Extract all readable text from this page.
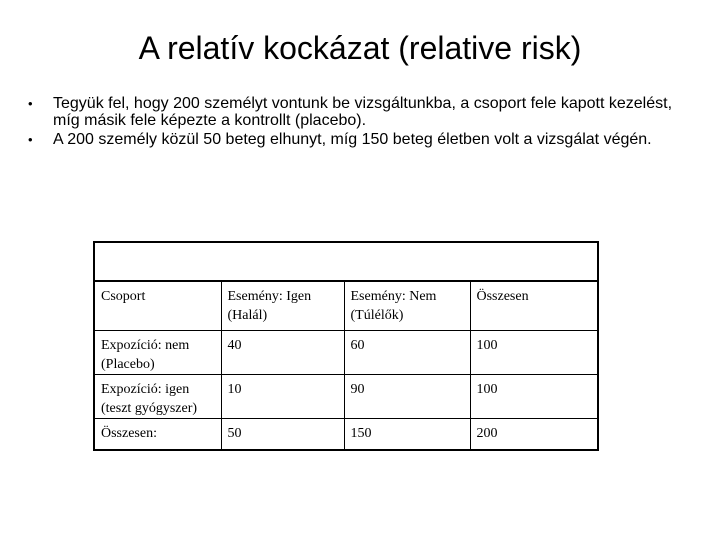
A relatív kockázat (relative risk)
• Tegyük fel, hogy 200 személyt vontunk be vizsgáltunkba, a csoport fele kapott kezelést, míg másik fele képezte a kontrollt (placebo).
• A 200 személy közül 50 beteg elhunyt, míg 150 beteg életben volt a vizsgálat végén.
Csoport	Esemény: Igen (Halál)	Esemény: Nem (Túlélők)	Összesen
Expozíció: nem (Placebo)	40	60	100
Expozíció: igen (teszt gyógyszer)	10	90	100
Összesen:	50	150	200
